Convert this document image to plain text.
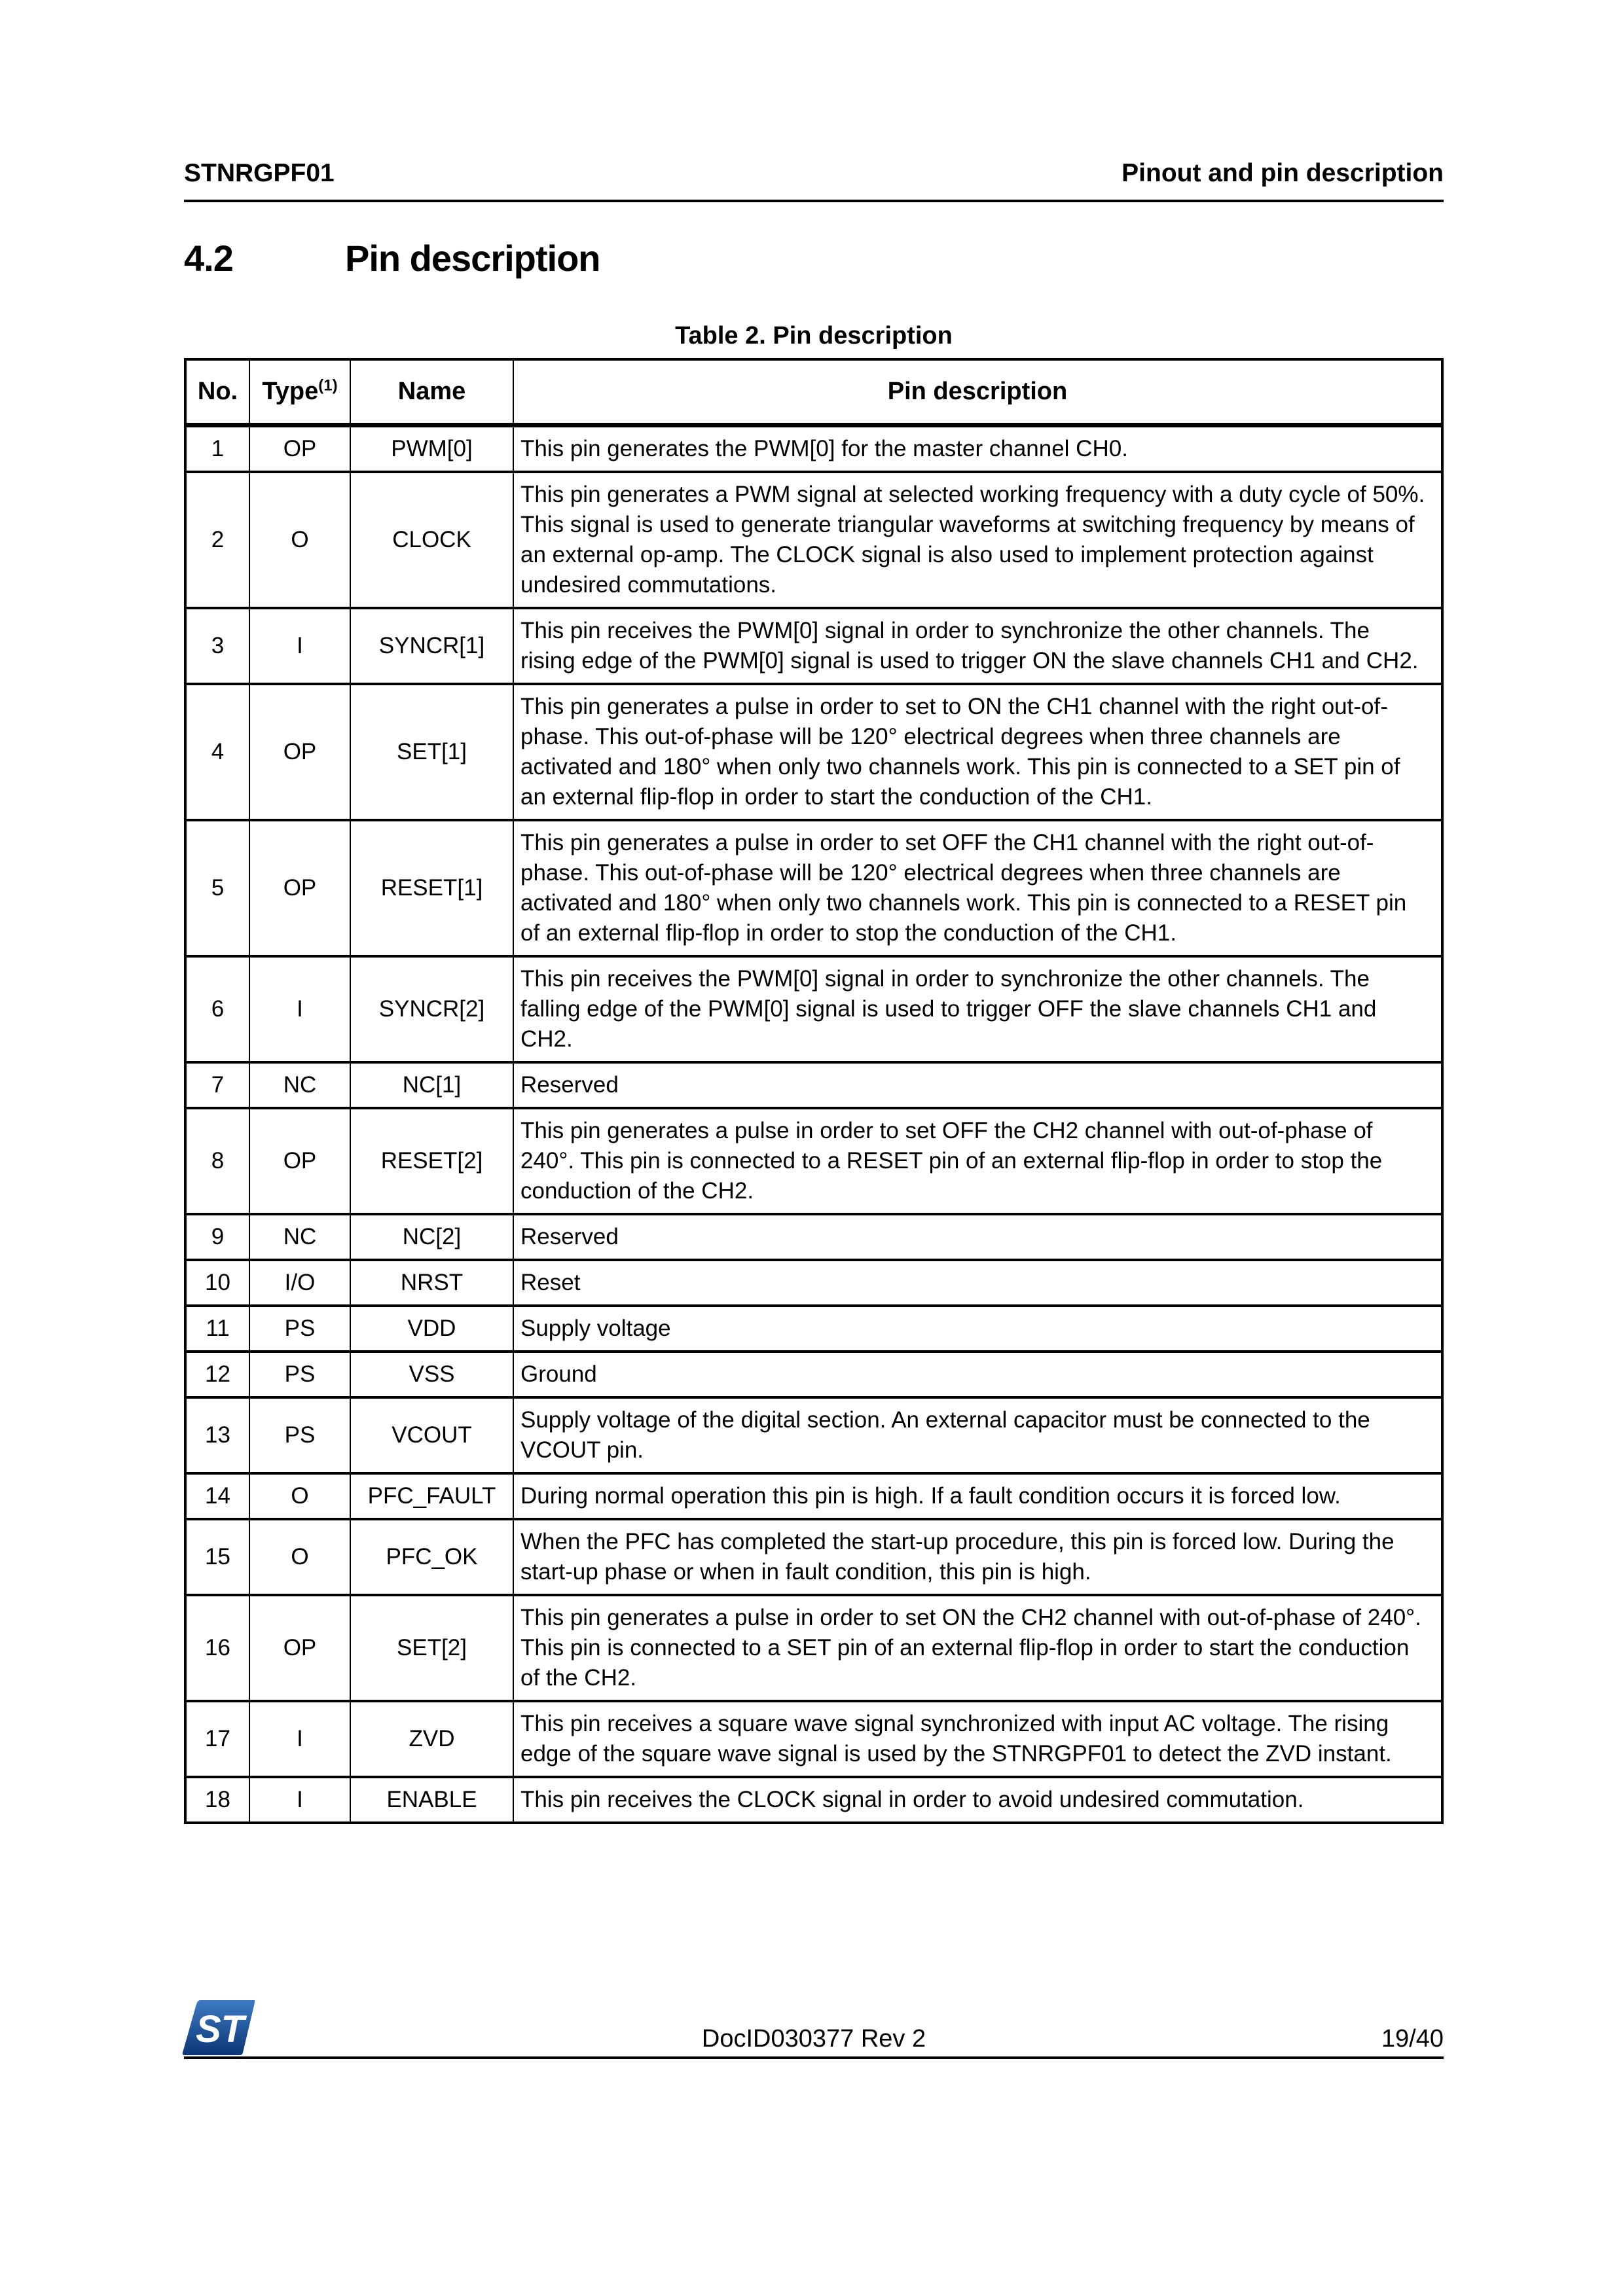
STNRGPF01	Pinout and pin description
4.2	Pin description
Table 2. Pin description
No.	Type$^{(1)}$	Name	Pin description
1	OP	PWM[0]	This pin generates the PWM[0] for the master channel CH0.
2	O	CLOCK	This pin generates a PWM signal at selected working frequency with a duty cycle of 50%. This signal is used to generate triangular waveforms at switching frequency by means of an external op-amp. The CLOCK signal is also used to implement protection against undesired commutations.
3	I	SYNCR[1]	This pin receives the PWM[0] signal in order to synchronize the other channels. The rising edge of the PWM[0] signal is used to trigger ON the slave channels CH1 and CH2.
4	OP	SET[1]	This pin generates a pulse in order to set to ON the CH1 channel with the right out-of-phase. This out-of-phase will be 120° electrical degrees when three channels are activated and 180° when only two channels work. This pin is connected to a SET pin of an external flip-flop in order to start the conduction of the CH1.
5	OP	RESET[1]	This pin generates a pulse in order to set OFF the CH1 channel with the right out-of-phase. This out-of-phase will be 120° electrical degrees when three channels are activated and 180° when only two channels work. This pin is connected to a RESET pin of an external flip-flop in order to stop the conduction of the CH1.
6	I	SYNCR[2]	This pin receives the PWM[0] signal in order to synchronize the other channels. The falling edge of the PWM[0] signal is used to trigger OFF the slave channels CH1 and CH2.
7	NC	NC[1]	Reserved
8	OP	RESET[2]	This pin generates a pulse in order to set OFF the CH2 channel with out-of-phase of 240°. This pin is connected to a RESET pin of an external flip-flop in order to stop the conduction of the CH2.
9	NC	NC[2]	Reserved
10	I/O	NRST	Reset
11	PS	VDD	Supply voltage
12	PS	VSS	Ground
13	PS	VCOUT	Supply voltage of the digital section. An external capacitor must be connected to the VCOUT pin.
14	O	PFC_FAULT	During normal operation this pin is high. If a fault condition occurs it is forced low.
15	O	PFC_OK	When the PFC has completed the start-up procedure, this pin is forced low. During the start-up phase or when in fault condition, this pin is high.
16	OP	SET[2]	This pin generates a pulse in order to set ON the CH2 channel with out-of-phase of 240°. This pin is connected to a SET pin of an external flip-flop in order to start the conduction of the CH2.
17	I	ZVD	This pin receives a square wave signal synchronized with input AC voltage. The rising edge of the square wave signal is used by the STNRGPF01 to detect the ZVD instant.
18	I	ENABLE	This pin receives the CLOCK signal in order to avoid undesired commutation.
ST	DocID030377 Rev 2	19/40
